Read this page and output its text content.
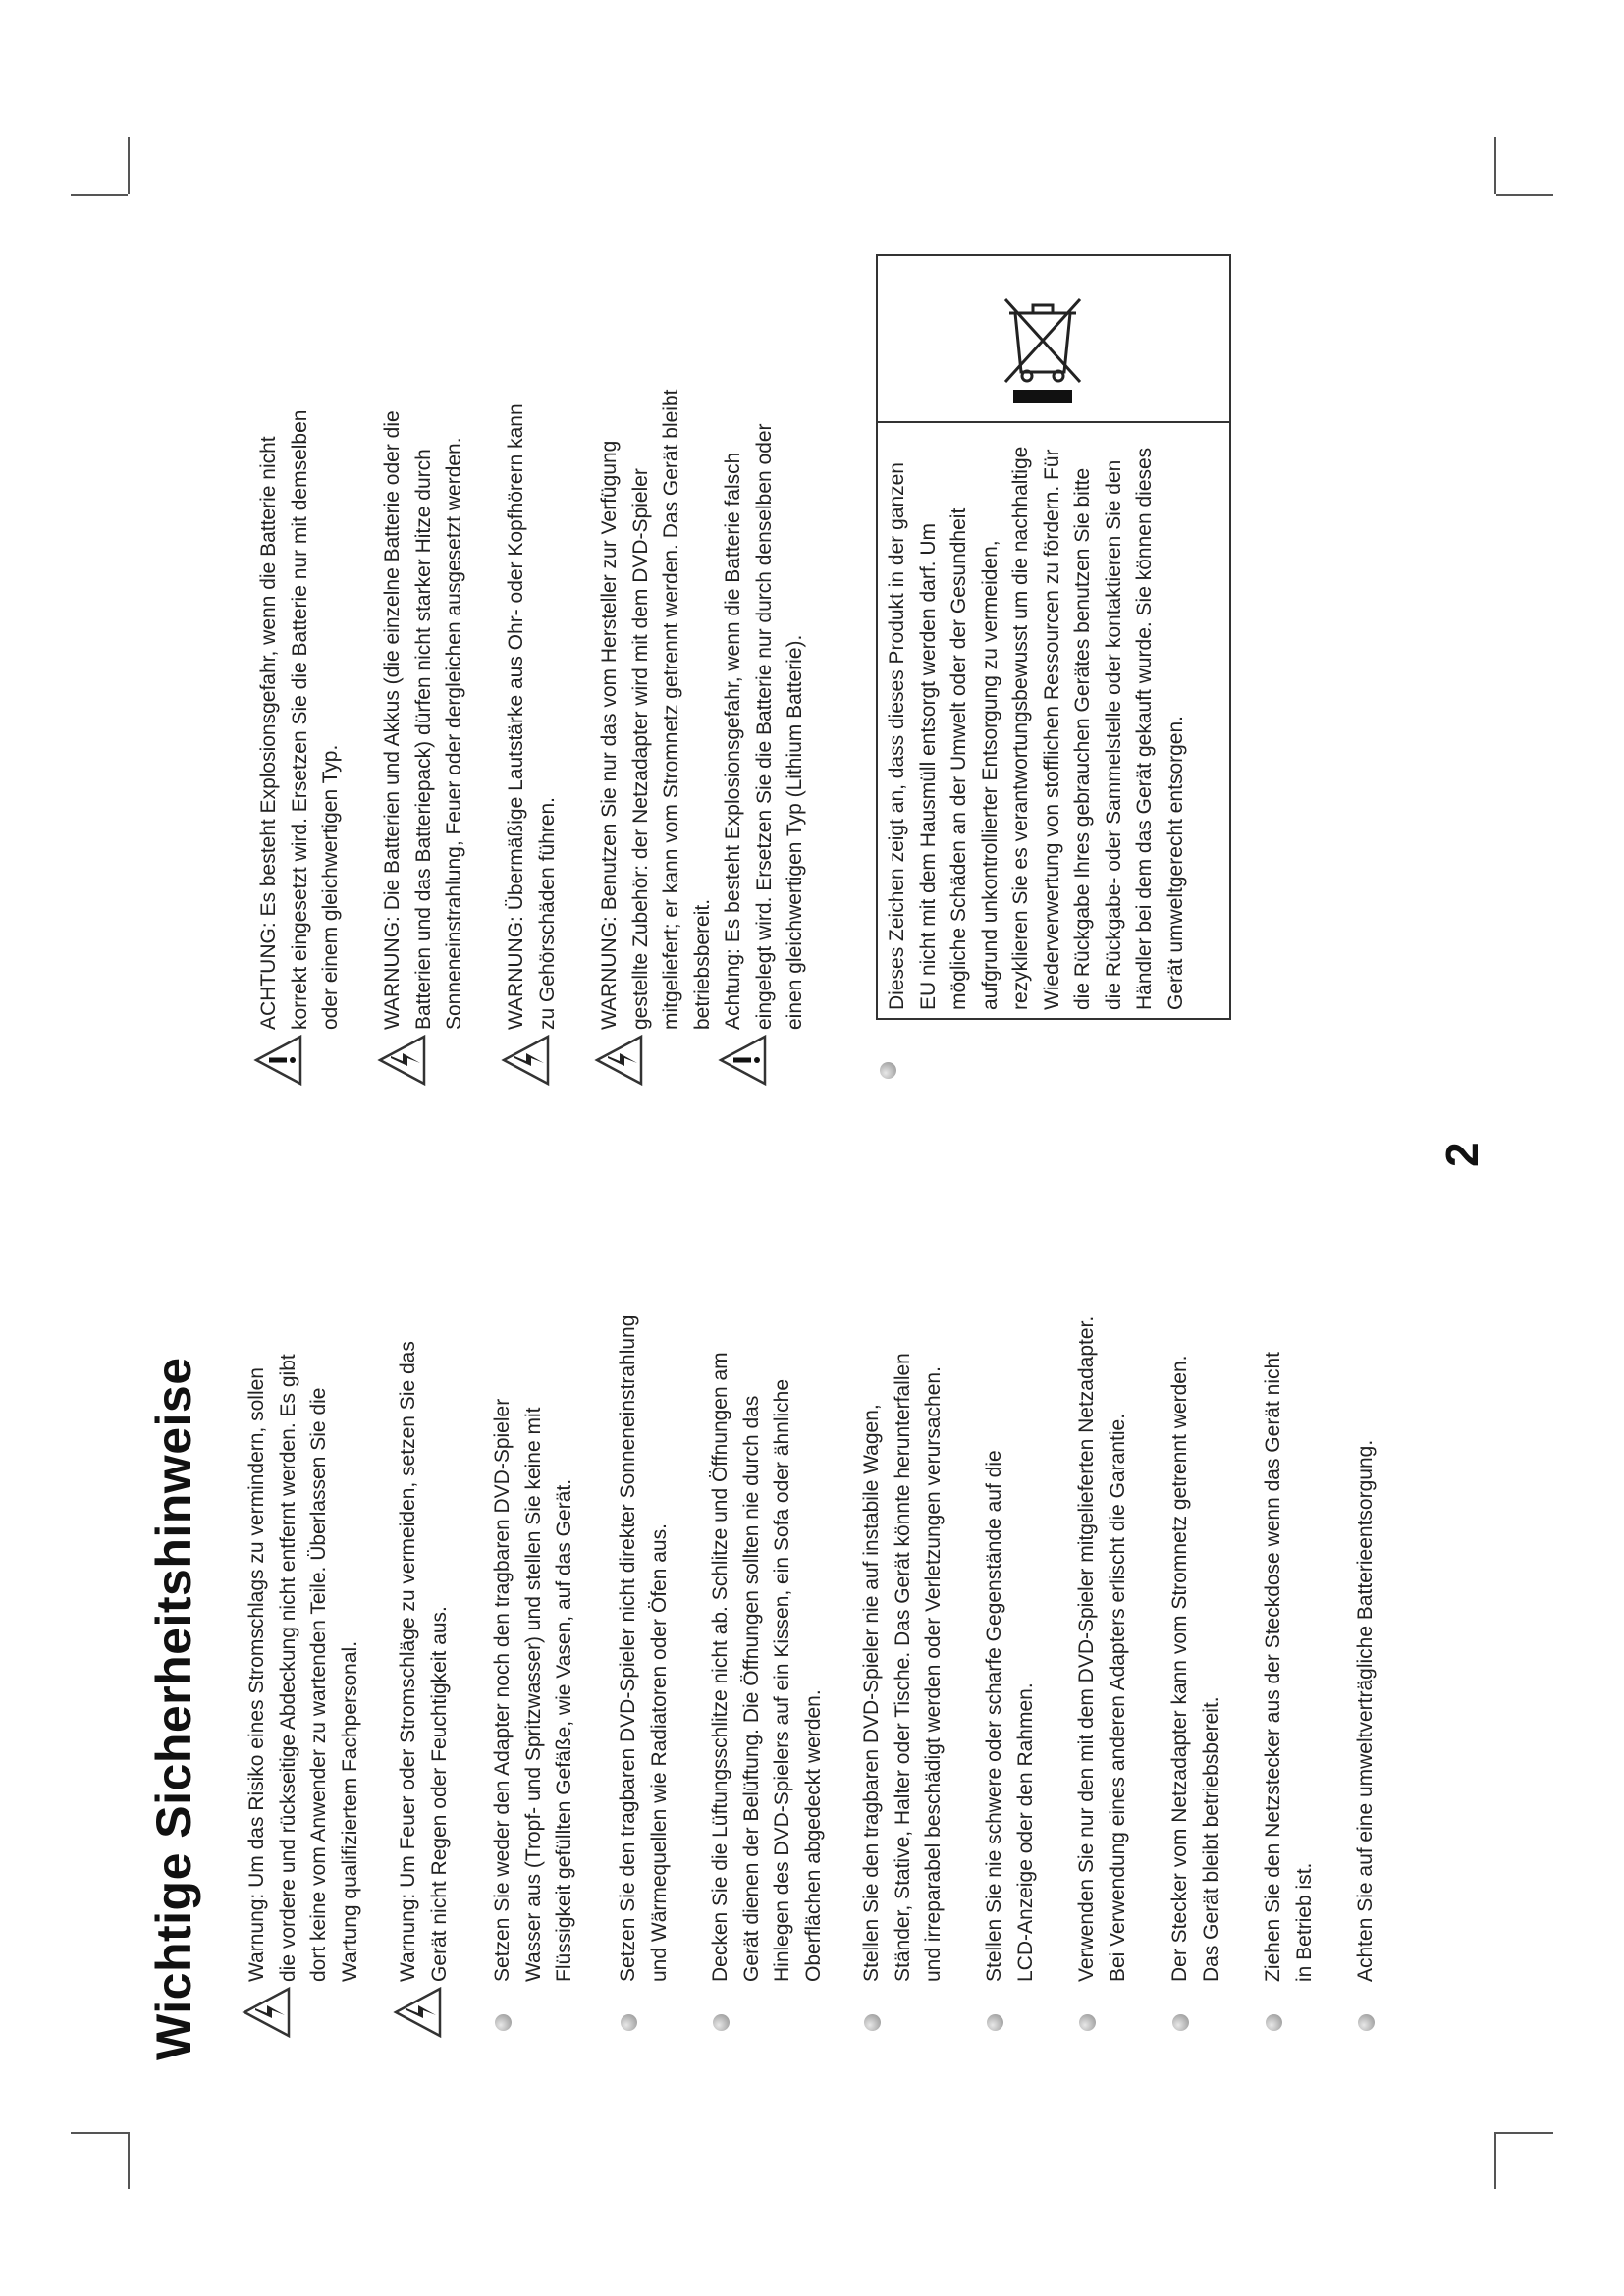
Wichtige Sicherheitshinweise Warnung: Um das Risiko eines Stromschlags zu vermindern, sollen die vordere und rückseitige Abdeckung nicht entfernt werden. Es gibt dort keine vom Anwender zu wartenden Teile. Überlassen Sie die Wartung qualifiziertem Fachpersonal. Warnung: Um Feuer oder Stromschläge zu vermeiden, setzen Sie das Gerät nicht Regen oder Feuchtigkeit aus. Setzen Sie weder den Adapter noch den tragbaren DVD-Spieler Wasser aus (Tropf- und Spritzwasser) und stellen Sie keine mit Flüssigkeit gefüllten Gefäße, wie Vasen, auf das Gerät. Setzen Sie den tragbaren DVD-Spieler nicht direkter Sonneneinstrahlung und Wärmequellen wie Radiatoren oder Öfen aus. Decken Sie die Lüftungsschlitze nicht ab. Schlitze und Öffnungen am Gerät dienen der Belüftung. Die Öffnungen sollten nie durch das Hinlegen des DVD-Spielers auf ein Kissen, ein Sofa oder ähnliche Oberflächen abgedeckt werden. Stellen Sie den tragbaren DVD-Spieler nie auf instabile Wagen, Ständer, Stative, Halter oder Tische. Das Gerät könnte herunterfallen und irreparabel beschädigt werden oder Verletzungen verursachen. Stellen Sie nie schwere oder scharfe Gegenstände auf die LCD-Anzeige oder den Rahmen. Verwenden Sie nur den mit dem DVD-Spieler mitgelieferten Netzadapter. Bei Verwendung eines anderen Adapters erlischt die Garantie. Der Stecker vom Netzadapter kann vom Stromnetz getrennt werden. Das Gerät bleibt betriebsbereit. Ziehen Sie den Netzstecker aus der Steckdose wenn das Gerät nicht in Betrieb ist. Achten Sie auf eine umweltverträgliche Batterieentsorgung.
ACHTUNG: Es besteht Explosionsgefahr, wenn die Batterie nicht korrekt eingesetzt wird. Ersetzen Sie die Batterie nur mit demselben oder einem gleichwertigen Typ. WARNUNG: Die Batterien und Akkus (die einzelne Batterie oder die Batterien und das Batteriepack) dürfen nicht starker Hitze durch Sonneneinstrahlung, Feuer oder dergleichen ausgesetzt werden. WARNUNG: Übermäßige Lautstärke aus Ohr- oder Kopfhörern kann zu Gehörschäden führen. WARNUNG: Benutzen Sie nur das vom Hersteller zur Verfügung gestellte Zubehör: der Netzadapter wird mit dem DVD-Spieler mitgeliefert; er kann vom Stromnetz getrennt werden. Das Gerät bleibt betriebsbereit. Achtung: Es besteht Explosionsgefahr, wenn die Batterie falsch eingelegt wird. Ersetzen Sie die Batterie nur durch denselben oder einen gleichwertigen Typ (Lithium Batterie).	Dieses Zeichen zeigt an, dass dieses Produkt in der ganzen EU nicht mit dem Hausmüll entsorgt werden darf. Um mögliche Schäden an der Umwelt oder der Gesundheit aufgrund unkontrollierter Entsorgung zu vermeiden, rezyklieren Sie es verantwortungsbewusst um die nachhaltige Wiederverwertung von stofflichen Ressourcen zu fördern. Für die Rückgabe Ihres gebrauchen Gerätes benutzen Sie bitte die Rückgabe- oder Sammelstelle oder kontaktieren Sie den Händler bei dem das Gerät gekauft wurde. Sie können dieses Gerät umweltgerecht entsorgen.
2
